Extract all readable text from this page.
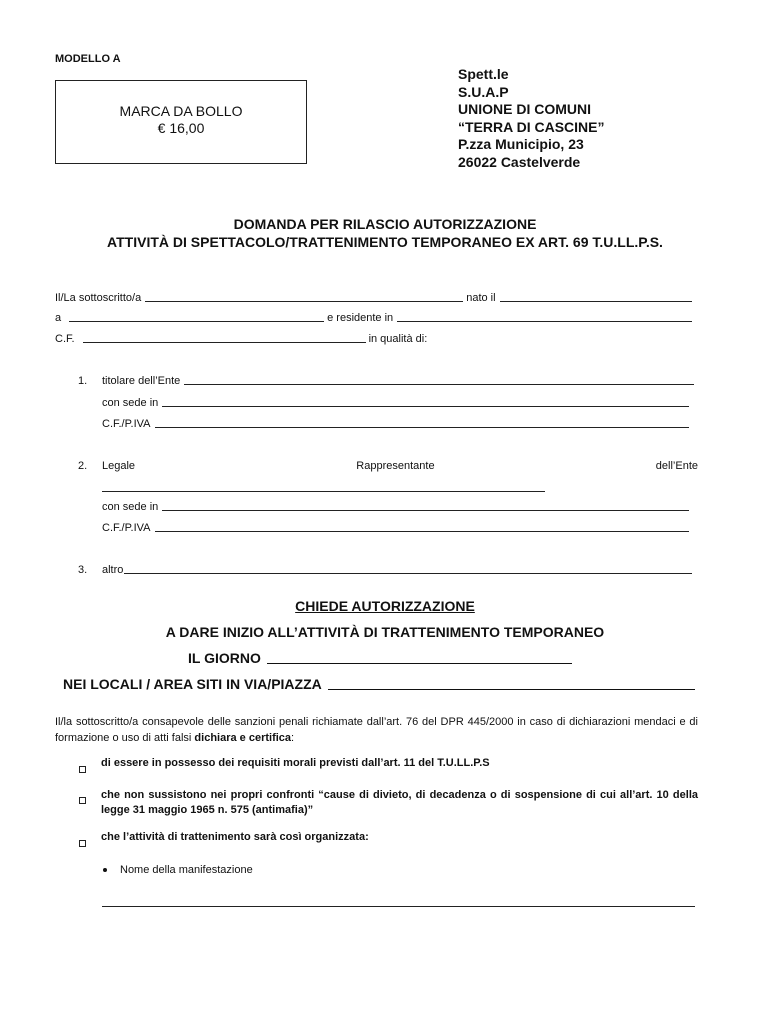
MODELLO A
MARCA DA BOLLO
€ 16,00
Spett.le
S.U.A.P
UNIONE DI COMUNI
“TERRA DI CASCINE”
P.zza Municipio, 23
26022 Castelverde
DOMANDA PER RILASCIO AUTORIZZAZIONE
ATTIVITÀ DI SPETTACOLO/TRATTENIMENTO TEMPORANEO EX ART. 69 T.U.LL.P.S.
Il/La sottoscritto/a	nato il
a	e residente in
C.F.	in qualità di:
1. titolare dell’Ente
con sede in
C.F./P.IVA
2. Legale	Rappresentante	dell’Ente
con sede in
C.F./P.IVA
3. altro
CHIEDE AUTORIZZAZIONE
A DARE INIZIO ALL’ATTIVITÀ DI TRATTENIMENTO TEMPORANEO
IL GIORNO
NEI LOCALI / AREA SITI IN VIA/PIAZZA
Il/la sottoscritto/a consapevole delle sanzioni penali richiamate dall’art. 76 del DPR 445/2000 in caso di dichiarazioni mendaci e di formazione o uso di atti falsi dichiara e certifica:
di essere in possesso dei requisiti morali previsti dall’art. 11 del T.U.LL.P.S
che non sussistono nei propri confronti “cause di divieto, di decadenza o di sospensione di cui all’art. 10 della legge 31 maggio 1965 n. 575 (antimafia)”
che l’attività di trattenimento sarà così organizzata:
Nome della manifestazione
